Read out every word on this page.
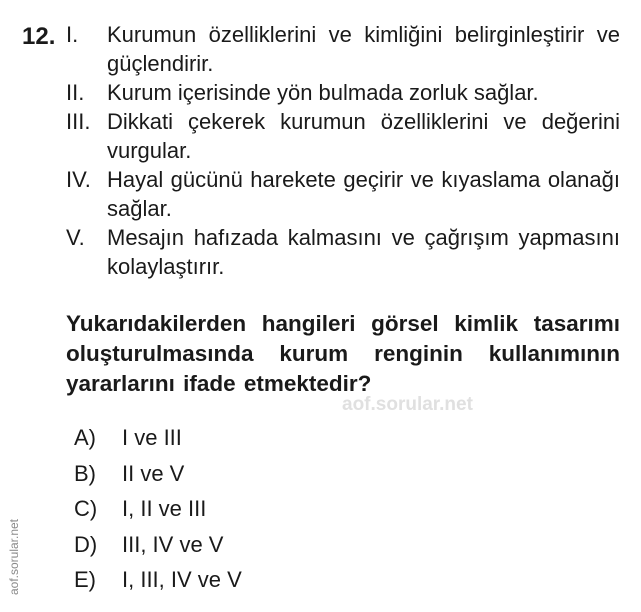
12. I.	Kurumun özelliklerini ve kimliğini belirginleştirir ve güçlendirir.
II.	Kurum içerisinde yön bulmada zorluk sağlar.
III. Dikkati çekerek kurumun özelliklerini ve değerini vurgular.
IV. Hayal gücünü harekete geçirir ve kıyaslama olanağı sağlar.
V.	Mesajın hafızada kalmasını ve çağrışım yapmasını kolaylaştırır.
Yukarıdakilerden hangileri görsel kimlik tasarımı oluşturulmasında kurum renginin kullanımının yararlarını ifade etmektedir?
aof.sorular.net
A)	I ve III
B)	II ve V
C)	I, II ve III
D)	III, IV ve V
E)	I, III, IV ve V
aof.sorular.net
